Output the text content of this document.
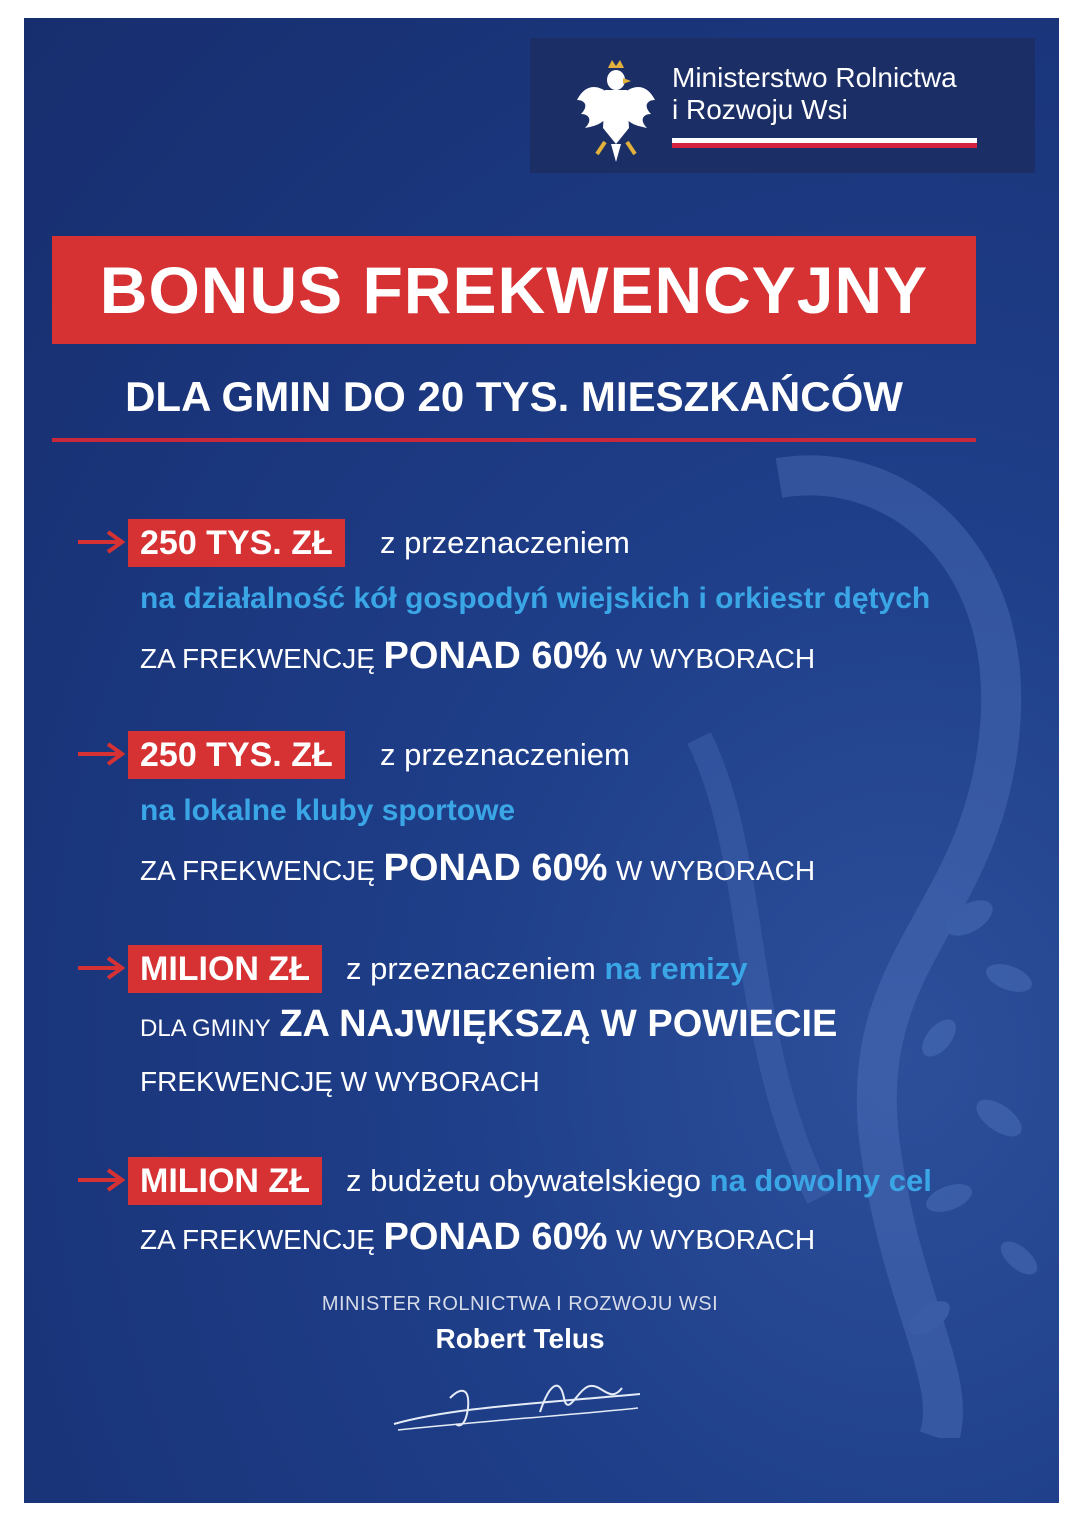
Ministerstwo Rolnictwa
i Rozwoju Wsi
BONUS FREKWENCYJNY
DLA GMIN DO 20 TYS. MIESZKAŃCÓW
250 TYS. ZŁ	z przeznaczeniem
na działalność kół gospodyń wiejskich i orkiestr dętych
ZA FREKWENCJĘ PONAD 60% W WYBORACH
250 TYS. ZŁ	z przeznaczeniem
na lokalne kluby sportowe
ZA FREKWENCJĘ PONAD 60% W WYBORACH
MILION ZŁ	z przeznaczeniem na remizy
DLA GMINY ZA NAJWIĘKSZĄ W POWIECIE
FREKWENCJĘ W WYBORACH
MILION ZŁ	z budżetu obywatelskiego na dowolny cel
ZA FREKWENCJĘ PONAD 60% W WYBORACH
MINISTER ROLNICTWA I ROZWOJU WSI
Robert Telus
